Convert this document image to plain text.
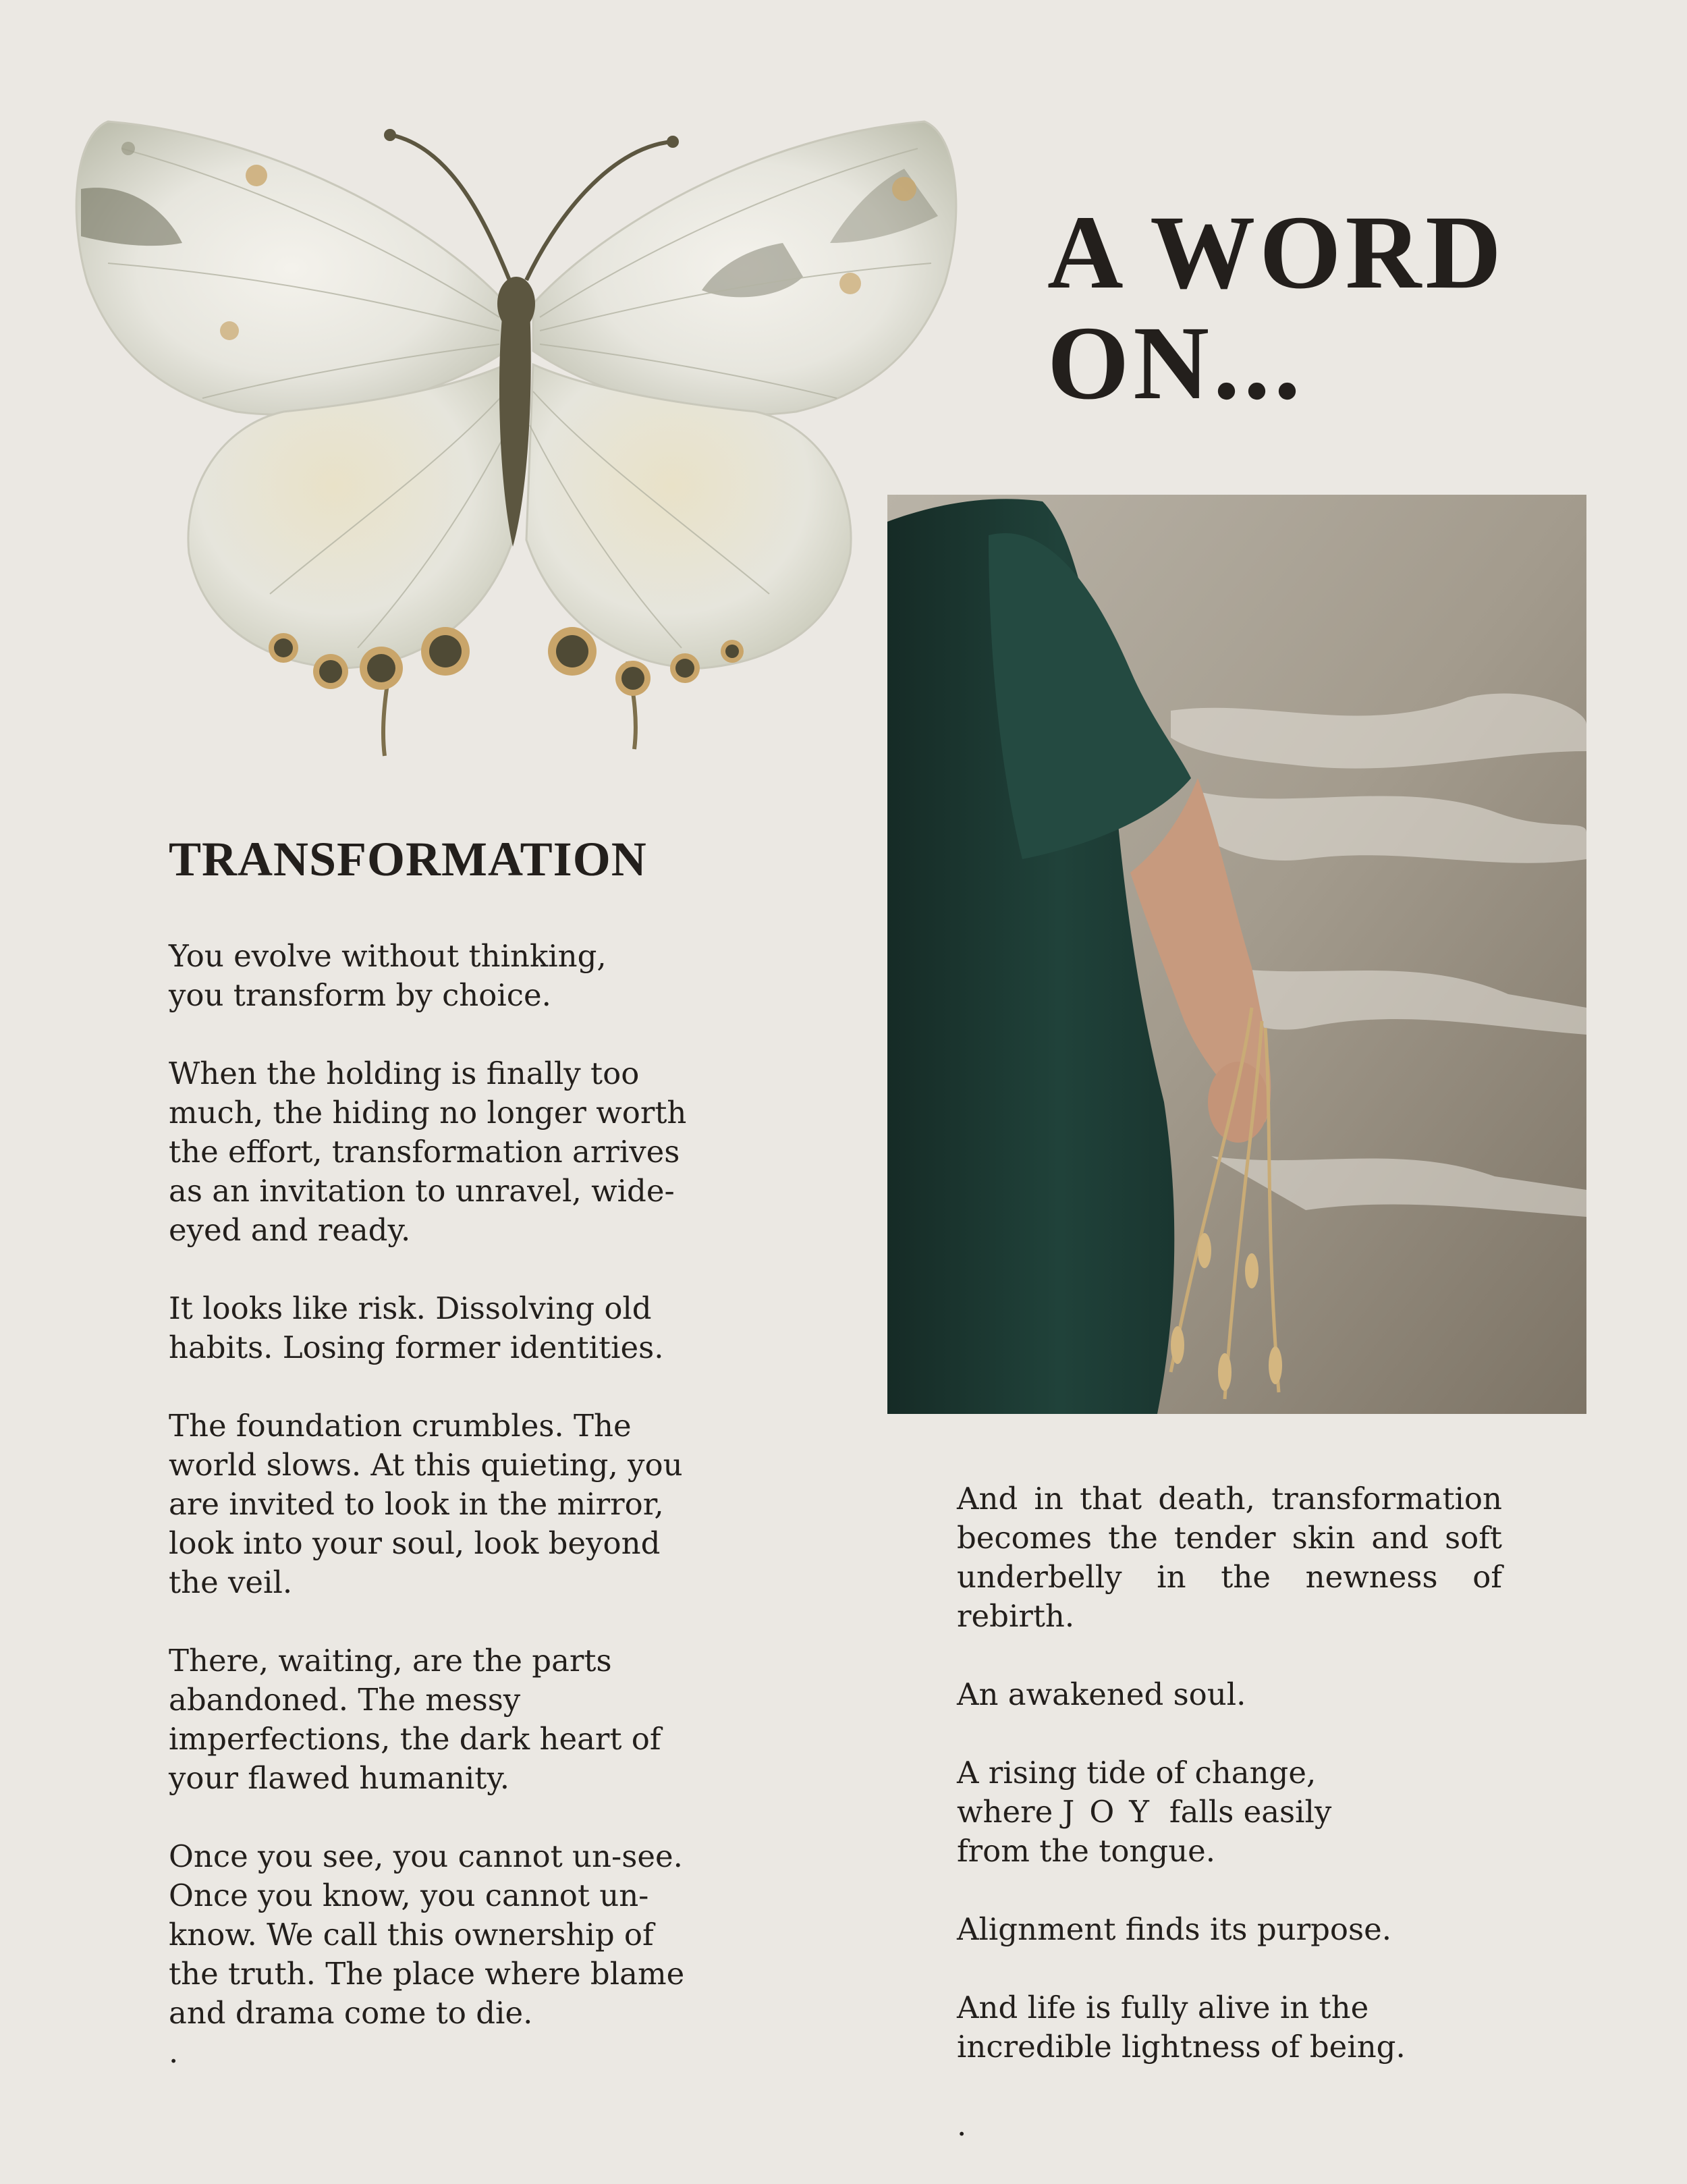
A WORD
ON...
TRANSFORMATION

You evolve without thinking,
you transform by choice.

When the holding is finally too much, the hiding no longer worth the effort, transformation arrives as an invitation to unravel, wide-eyed and ready.

It looks like risk. Dissolving old habits. Losing former identities.

The foundation crumbles. The world slows. At this quieting, you are invited to look in the mirror, look into your soul, look beyond the veil.

There, waiting, are the parts abandoned. The messy imperfections, the dark heart of your flawed humanity.

Once you see, you cannot un-see. Once you know, you cannot un-know. We call this ownership of the truth. The place where blame and drama come to die.

.

And in that death, transformation becomes the tender skin and soft underbelly in the newness of rebirth.

An awakened soul.

A rising tide of change,
where JOY falls easily
from the tongue.

Alignment finds its purpose.

And life is fully alive in the incredible lightness of being.

.
